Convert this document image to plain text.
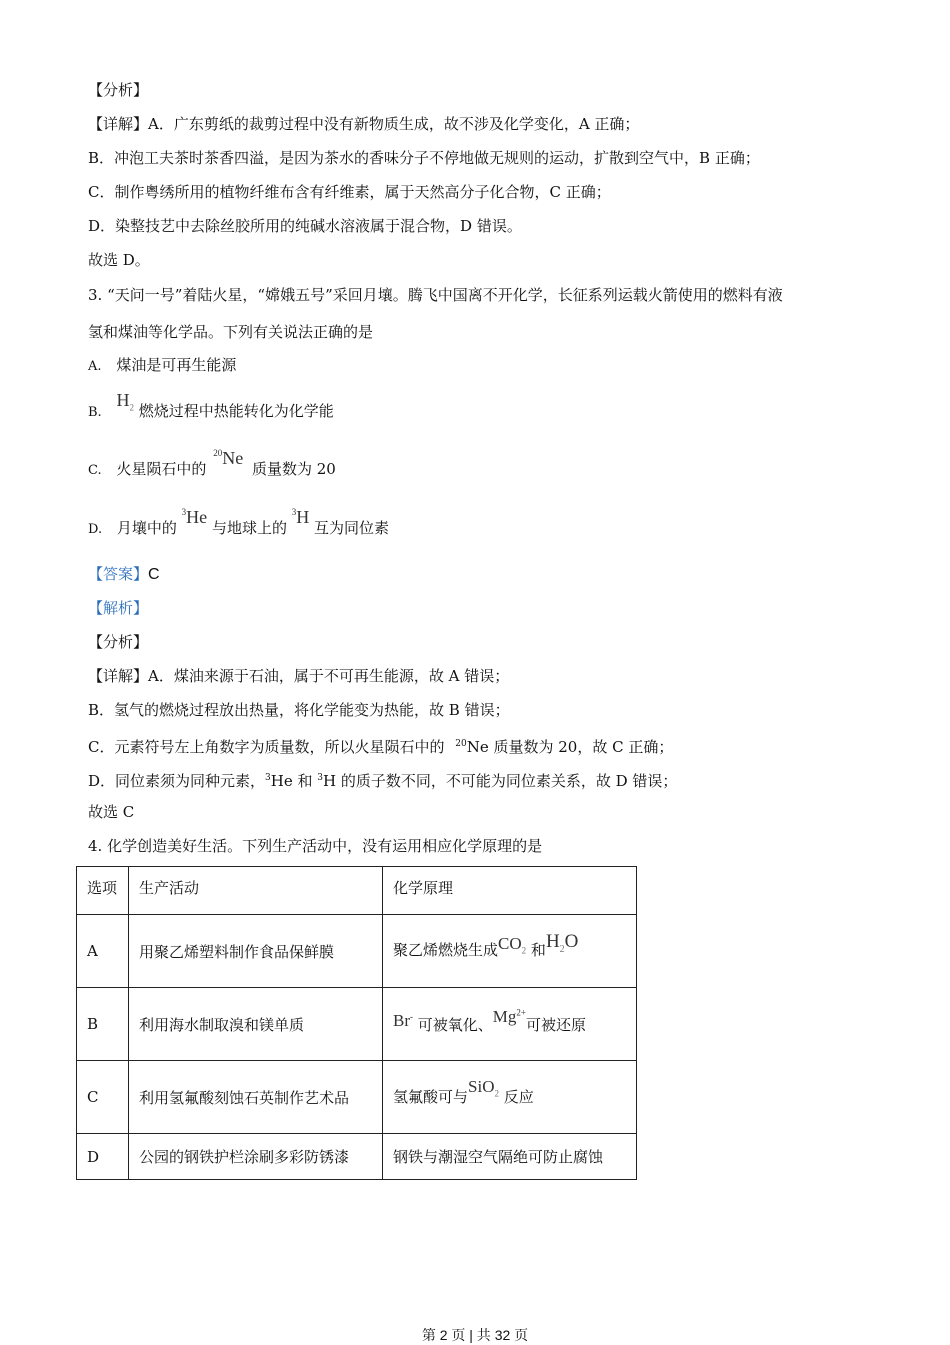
【分析】
【详解】A．广东剪纸的裁剪过程中没有新物质生成，故不涉及化学变化，A 正确；
B．冲泡工夫茶时茶香四溢，是因为茶水的香味分子不停地做无规则的运动，扩散到空气中，B 正确；
C．制作粤绣所用的植物纤维布含有纤维素，属于天然高分子化合物，C 正确；
D．染整技艺中去除丝胶所用的纯碱水溶液属于混合物，D 错误。
故选 D。
3. “天问一号”着陆火星，“嫦娥五号”采回月壤。腾飞中国离不开化学，长征系列运载火箭使用的燃料有液
氢和煤油等化学品。下列有关说法正确的是
A. 煤油是可再生能源
B. $H_2$ 燃烧过程中热能转化为化学能
C. 火星陨石中的 $^{20}$Ne 质量数为 20
D. 月壤中的 $^3$He 与地球上的 $^3$H 互为同位素
【答案】C
【解析】
【分析】
【详解】A．煤油来源于石油，属于不可再生能源，故 A 错误；
B．氢气的燃烧过程放出热量，将化学能变为热能，故 B 错误；
C．元素符号左上角数字为质量数，所以火星陨石中的 $^{20}$Ne 质量数为 20，故 C 正确；
D．同位素须为同种元素，$^3$He 和 $^3$H 的质子数不同，不可能为同位素关系，故 D 错误；
故选 C
4. 化学创造美好生活。下列生产活动中，没有运用相应化学原理的是
选项	生产活动	化学原理
A	用聚乙烯塑料制作食品保鲜膜	聚乙烯燃烧生成$CO_2$ 和$H_2O$
B	利用海水制取溴和镁单质	Br- 可被氧化、$Mg^{2+}$可被还原
C	利用氢氟酸刻蚀石英制作艺术品	氢氟酸可与SiO$_2$ 反应
D	公园的钢铁护栏涂刷多彩防锈漆	钢铁与潮湿空气隔绝可防止腐蚀
第 2 页 | 共 32 页
